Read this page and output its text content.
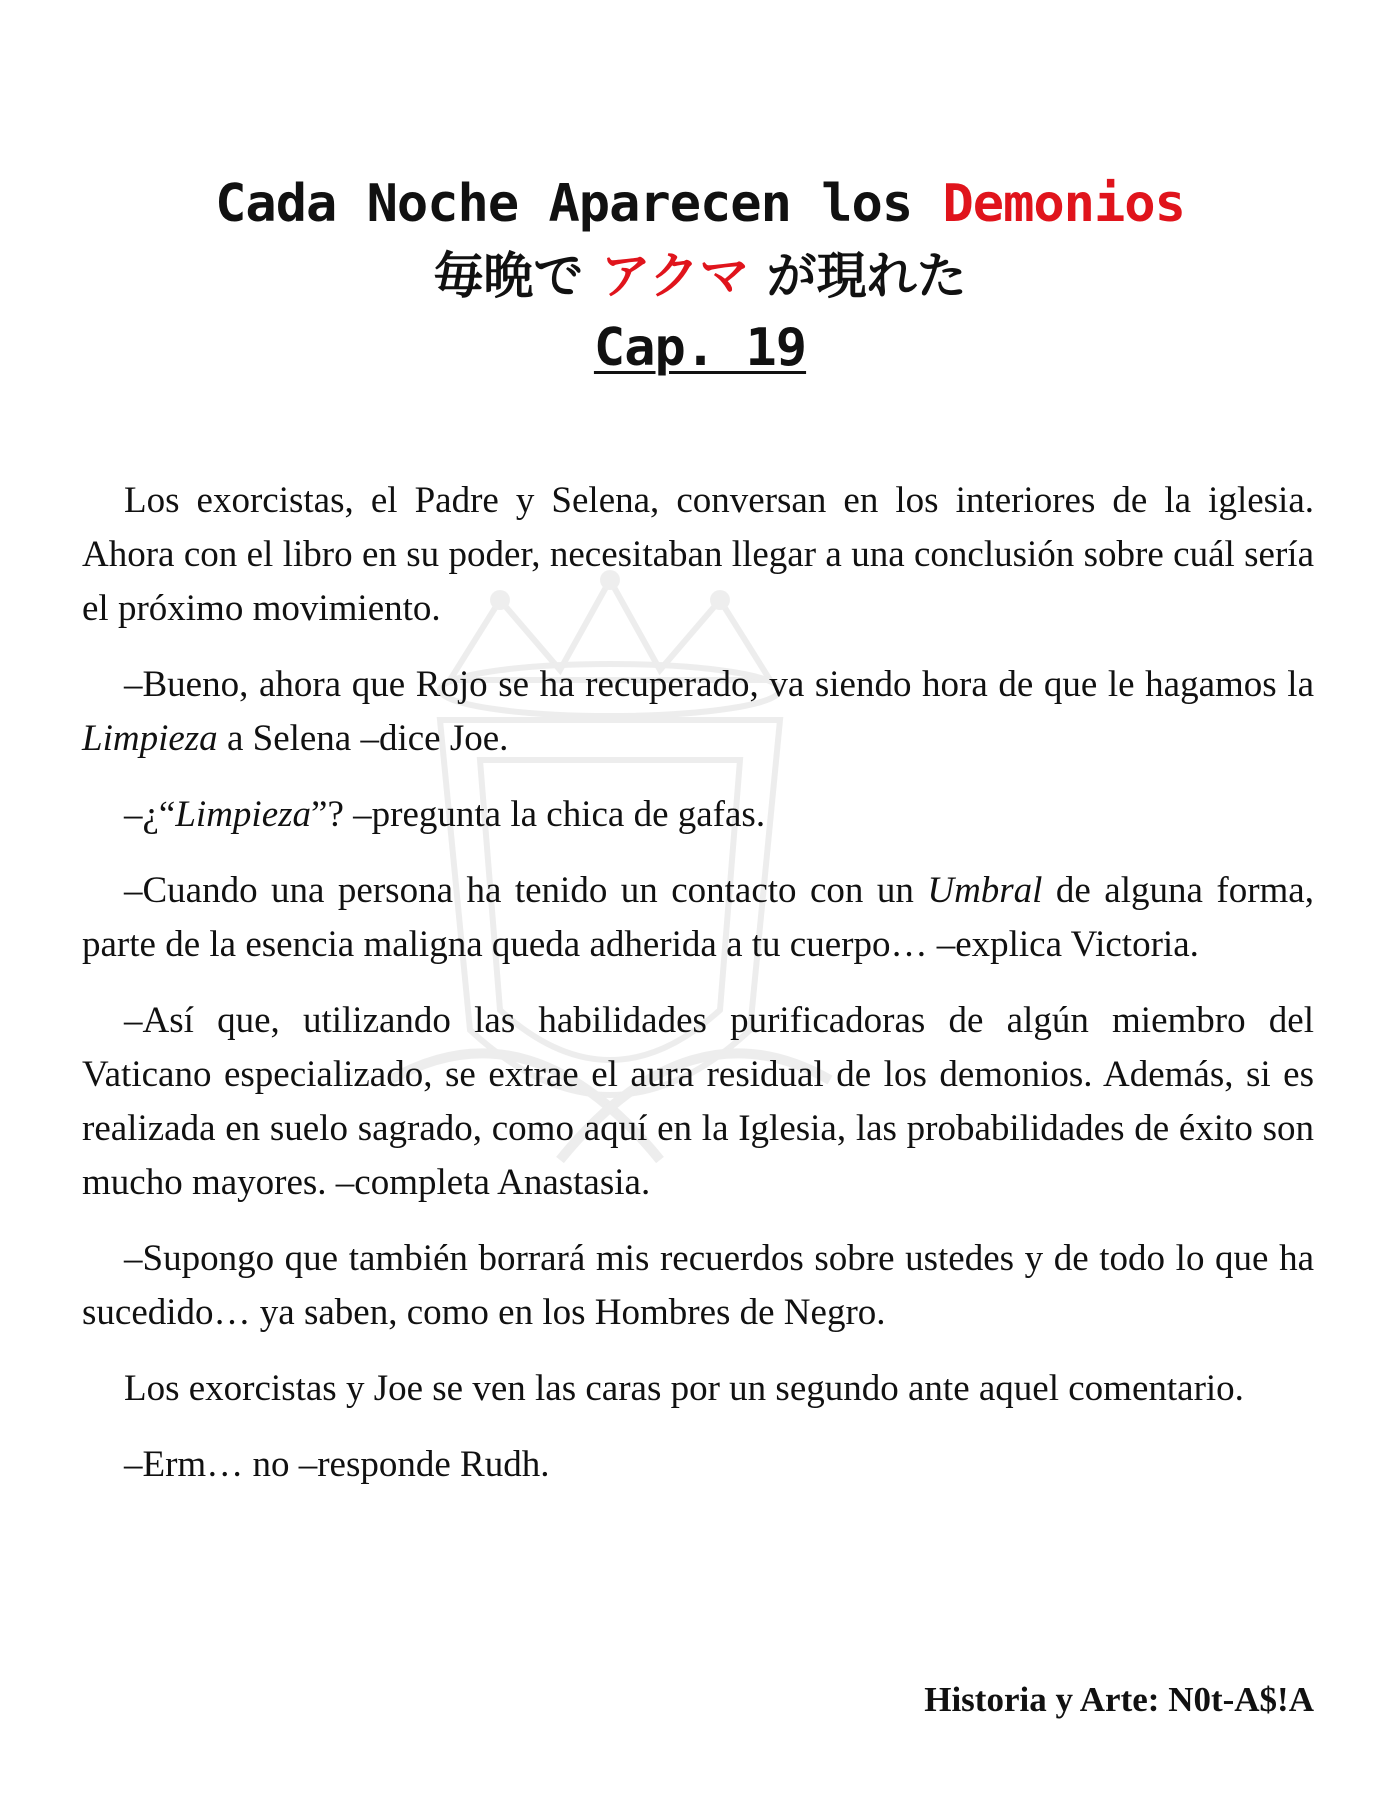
Cada Noche Aparecen los Demonios
毎晩で アクマ が現れた
Cap. 19

Los exorcistas, el Padre y Selena, conversan en los interiores de la iglesia. Ahora con el libro en su poder, necesitaban llegar a una conclusión sobre cuál sería el próximo movimiento.

–Bueno, ahora que Rojo se ha recuperado, va siendo hora de que le hagamos la Limpieza a Selena –dice Joe.

–¿“Limpieza”? –pregunta la chica de gafas.

–Cuando una persona ha tenido un contacto con un Umbral de alguna forma, parte de la esencia maligna queda adherida a tu cuerpo… –explica Victoria.

–Así que, utilizando las habilidades purificadoras de algún miembro del Vaticano especializado, se extrae el aura residual de los demonios. Además, si es realizada en suelo sagrado, como aquí en la Iglesia, las probabilidades de éxito son mucho mayores. –completa Anastasia.

–Supongo que también borrará mis recuerdos sobre ustedes y de todo lo que ha sucedido… ya saben, como en los Hombres de Negro.

Los exorcistas y Joe se ven las caras por un segundo ante aquel comentario.

–Erm… no –responde Rudh.

Historia y Arte: N0t-A$!A
